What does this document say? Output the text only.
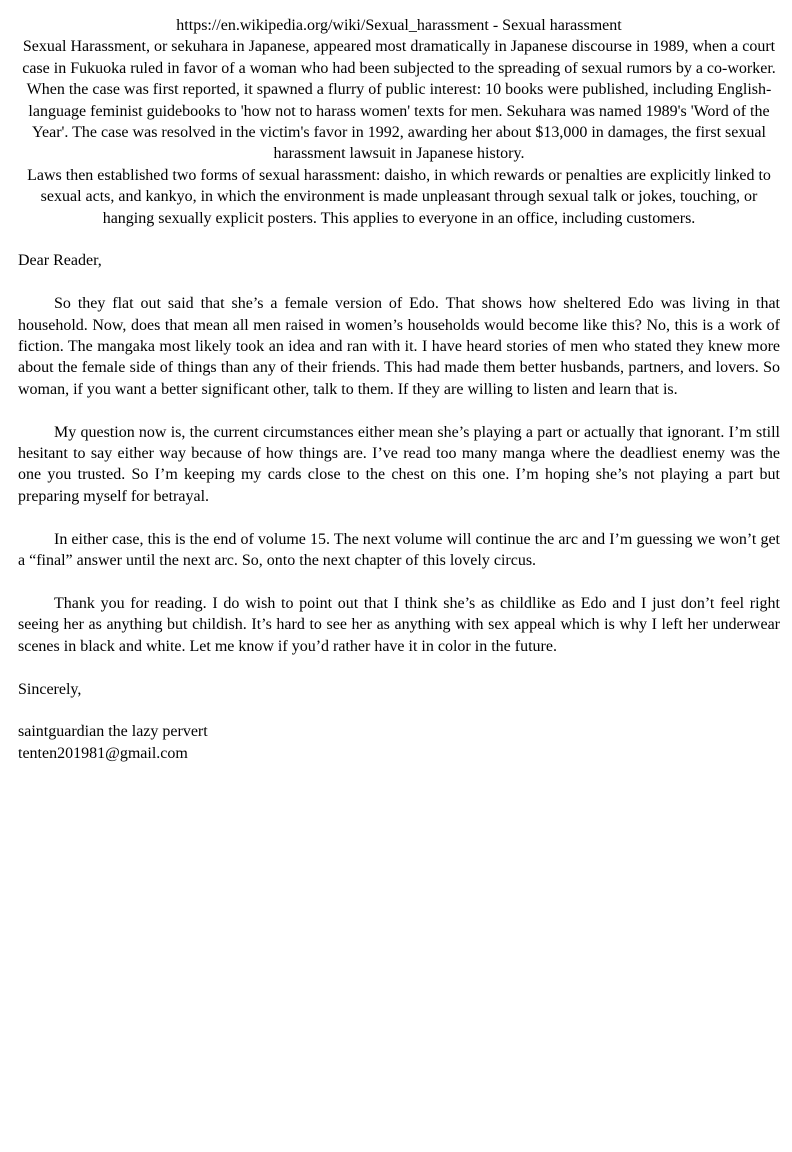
https://en.wikipedia.org/wiki/Sexual_harassment - Sexual harassment

Sexual Harassment, or sekuhara in Japanese, appeared most dramatically in Japanese discourse in 1989, when a court case in Fukuoka ruled in favor of a woman who had been subjected to the spreading of sexual rumors by a co-worker. When the case was first reported, it spawned a flurry of public interest: 10 books were published, including English-language feminist guidebooks to 'how not to harass women' texts for men. Sekuhara was named 1989's 'Word of the Year'. The case was resolved in the victim's favor in 1992, awarding her about $13,000 in damages, the first sexual harassment lawsuit in Japanese history.

Laws then established two forms of sexual harassment: daisho, in which rewards or penalties are explicitly linked to sexual acts, and kankyo, in which the environment is made unpleasant through sexual talk or jokes, touching, or hanging sexually explicit posters. This applies to everyone in an office, including customers.

Dear Reader,

So they flat out said that she’s a female version of Edo. That shows how sheltered Edo was living in that household. Now, does that mean all men raised in women’s households would become like this? No, this is a work of fiction. The mangaka most likely took an idea and ran with it. I have heard stories of men who stated they knew more about the female side of things than any of their friends. This had made them better husbands, partners, and lovers. So woman, if you want a better significant other, talk to them. If they are willing to listen and learn that is.

My question now is, the current circumstances either mean she’s playing a part or actually that ignorant. I’m still hesitant to say either way because of how things are. I’ve read too many manga where the deadliest enemy was the one you trusted. So I’m keeping my cards close to the chest on this one. I’m hoping she’s not playing a part but preparing myself for betrayal.

In either case, this is the end of volume 15. The next volume will continue the arc and I’m guessing we won’t get a “final” answer until the next arc. So, onto the next chapter of this lovely circus.

Thank you for reading. I do wish to point out that I think she’s as childlike as Edo and I just don’t feel right seeing her as anything but childish. It’s hard to see her as anything with sex appeal which is why I left her underwear scenes in black and white. Let me know if you’d rather have it in color in the future.

Sincerely,

saintguardian the lazy pervert

tenten201981@gmail.com
